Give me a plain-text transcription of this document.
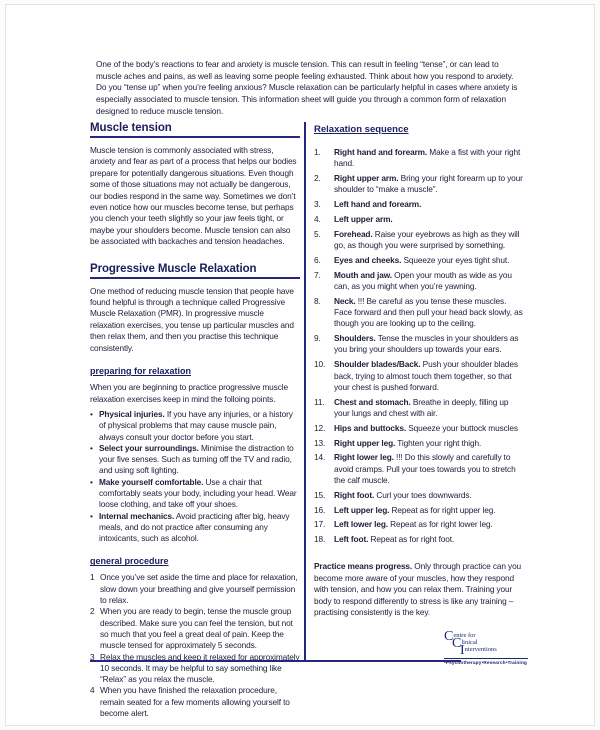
One of the body’s reactions to fear and anxiety is muscle tension. This can result in feeling “tense”, or can lead to muscle aches and pains, as well as leaving some people feeling exhausted. Think about how you respond to anxiety. Do you “tense up” when you’re feeling anxious? Muscle relaxation can be particularly helpful in cases where anxiety is especially associated to muscle tension. This information sheet will guide you through a common form of relaxation designed to reduce muscle tension.

Muscle tension

Muscle tension is commonly associated with stress, anxiety and fear as part of a process that helps our bodies prepare for potentially dangerous situations. Even though some of those situations may not actually be dangerous, our bodies respond in the same way. Sometimes we don’t even notice how our muscles become tense, but perhaps you clench your teeth slightly so your jaw feels tight, or maybe your shoulders become. Muscle tension can also be associated with backaches and tension headaches.

Progressive Muscle Relaxation

One method of reducing muscle tension that people have found helpful is through a technique called Progressive Muscle Relaxation (PMR). In progressive muscle relaxation exercises, you tense up particular muscles and then relax them, and then you practise this technique consistently.

preparing for relaxation

When you are beginning to practice progressive muscle relaxation exercises keep in mind the folloing points.

• Physical injuries. If you have any injuries, or a history of physical problems that may cause muscle pain, always consult your doctor before you start.
• Select your surroundings. Minimise the distraction to your five senses. Such as turning off the TV and radio, and using soft lighting.
• Make yourself comfortable. Use a chair that comfortably seats your body, including your head. Wear loose clothing, and take off your shoes.
• Internal mechanics. Avoid practicing after big, heavy meals, and do not practice after consuming any intoxicants, such as alcohol.
general procedure
1 Once you’ve set aside the time and place for relaxation, slow down your breathing and give yourself permission to relax.
2 When you are ready to begin, tense the muscle group described. Make sure you can feel the tension, but not so much that you feel a great deal of pain. Keep the muscle tensed for approximately 5 seconds.
3 Relax the muscles and keep it relaxed for approximately 10 seconds. It may be helpful to say something like “Relax” as you relax the muscle.
4 When you have finished the relaxation procedure, remain seated for a few moments allowing yourself to become alert.
Relaxation sequence
1.	Right hand and forearm. Make a fist with your right hand.
2.	Right upper arm. Bring your right forearm up to your shoulder to “make a muscle”.
3.	Left hand and forearm.
4.	Left upper arm.
5.	Forehead. Raise your eyebrows as high as they will go, as though you were surprised by something.
6.	Eyes and cheeks. Squeeze your eyes tight shut.
7.	Mouth and jaw. Open your mouth as wide as you can, as you might when you’re yawning.
8.	Neck. !!! Be careful as you tense these muscles. Face forward and then pull your head back slowly, as though you are looking up to the ceiling.
9.	Shoulders. Tense the muscles in your shoulders as you bring your shoulders up towards your ears.
10.	Shoulder blades/Back. Push your shoulder blades back, trying to almost touch them together, so that your chest is pushed forward.
11.	Chest and stomach. Breathe in deeply, filling up your lungs and chest with air.
12.	Hips and buttocks. Squeeze your buttock muscles
13.	Right upper leg. Tighten your right thigh.
14.	Right lower leg. !!! Do this slowly and carefully to avoid cramps. Pull your toes towards you to stretch the calf muscle.
15.	Right foot. Curl your toes downwards.
16.	Left upper leg. Repeat as for right upper leg.
17.	Left lower leg. Repeat as for right lower leg.
18.	Left foot. Repeat as for right foot.

Practice means progress. Only through practice can you become more aware of your muscles, how they respond with tension, and how you can relax them. Training your body to respond differently to stress is like any training – practising consistently is the key.

C entre for
C linical
I nterventions
•Psychotherapy•Research•Training
